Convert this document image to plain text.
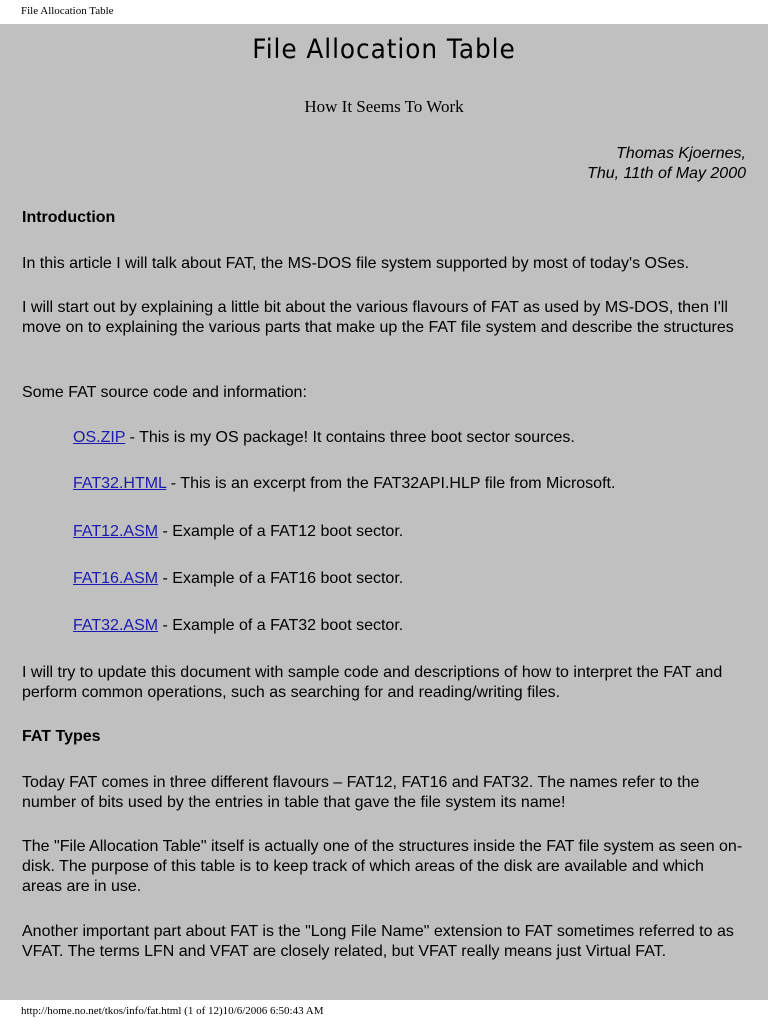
File Allocation Table
File Allocation Table
How It Seems To Work
Thomas Kjoernes,
Thu, 11th of May 2000

Introduction

In this article I will talk about FAT, the MS-DOS file system supported by most of today's OSes.

I will start out by explaining a little bit about the various flavours of FAT as used by MS-DOS, then I'll move on to explaining the various parts that make up the FAT file system and describe the structures

Some FAT source code and information:

OS.ZIP - This is my OS package! It contains three boot sector sources.

FAT32.HTML - This is an excerpt from the FAT32API.HLP file from Microsoft.

FAT12.ASM - Example of a FAT12 boot sector.

FAT16.ASM - Example of a FAT16 boot sector.

FAT32.ASM - Example of a FAT32 boot sector.

I will try to update this document with sample code and descriptions of how to interpret the FAT and perform common operations, such as searching for and reading/writing files.

FAT Types

Today FAT comes in three different flavours – FAT12, FAT16 and FAT32. The names refer to the number of bits used by the entries in table that gave the file system its name!

The "File Allocation Table" itself is actually one of the structures inside the FAT file system as seen on-disk. The purpose of this table is to keep track of which areas of the disk are available and which areas are in use.

Another important part about FAT is the "Long File Name" extension to FAT sometimes referred to as VFAT. The terms LFN and VFAT are closely related, but VFAT really means just Virtual FAT.

http://home.no.net/tkos/info/fat.html (1 of 12)10/6/2006 6:50:43 AM
